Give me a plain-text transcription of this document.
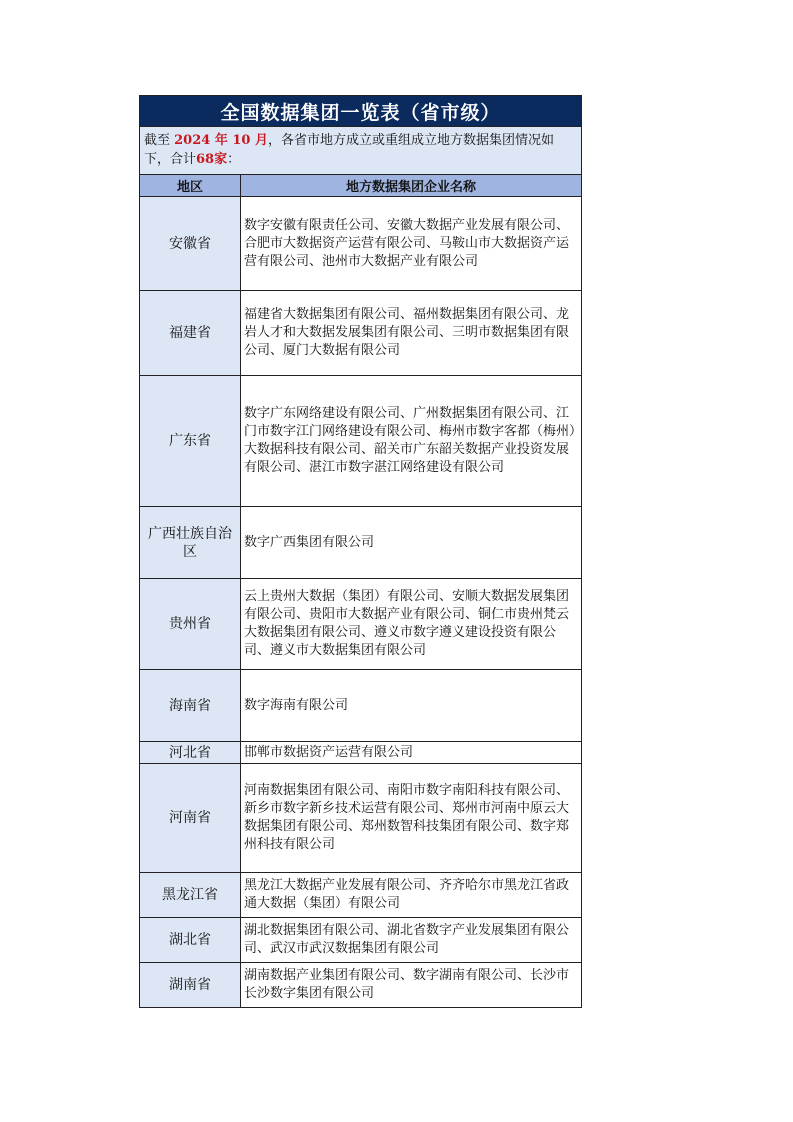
全国数据集团一览表（省市级）	
截至 2024 年 10 月，各省市地方成立或重组成立地方数据集团情况如下，合计68家：	
地区	地方数据集团企业名称
安徽省	数字安徽有限责任公司、安徽大数据产业发展有限公司、合肥市大数据资产运营有限公司、马鞍山市大数据资产运营有限公司、池州市大数据产业有限公司
福建省	福建省大数据集团有限公司、福州数据集团有限公司、龙岩人才和大数据发展集团有限公司、三明市数据集团有限公司、厦门大数据有限公司
广东省	数字广东网络建设有限公司、广州数据集团有限公司、江门市数字江门网络建设有限公司、梅州市数字客都（梅州）大数据科技有限公司、韶关市广东韶关数据产业投资发展有限公司、湛江市数字湛江网络建设有限公司
广西壮族自治区	数字广西集团有限公司
贵州省	云上贵州大数据（集团）有限公司、安顺大数据发展集团有限公司、贵阳市大数据产业有限公司、铜仁市贵州梵云大数据集团有限公司、遵义市数字遵义建设投资有限公司、遵义市大数据集团有限公司
海南省	数字海南有限公司
河北省	邯郸市数据资产运营有限公司
河南省	河南数据集团有限公司、南阳市数字南阳科技有限公司、新乡市数字新乡技术运营有限公司、郑州市河南中原云大数据集团有限公司、郑州数智科技集团有限公司、数字郑州科技有限公司
黑龙江省	黑龙江大数据产业发展有限公司、齐齐哈尔市黑龙江省政通大数据（集团）有限公司
湖北省	湖北数据集团有限公司、湖北省数字产业发展集团有限公司、武汉市武汉数据集团有限公司
湖南省	湖南数据产业集团有限公司、数字湖南有限公司、长沙市长沙数字集团有限公司
